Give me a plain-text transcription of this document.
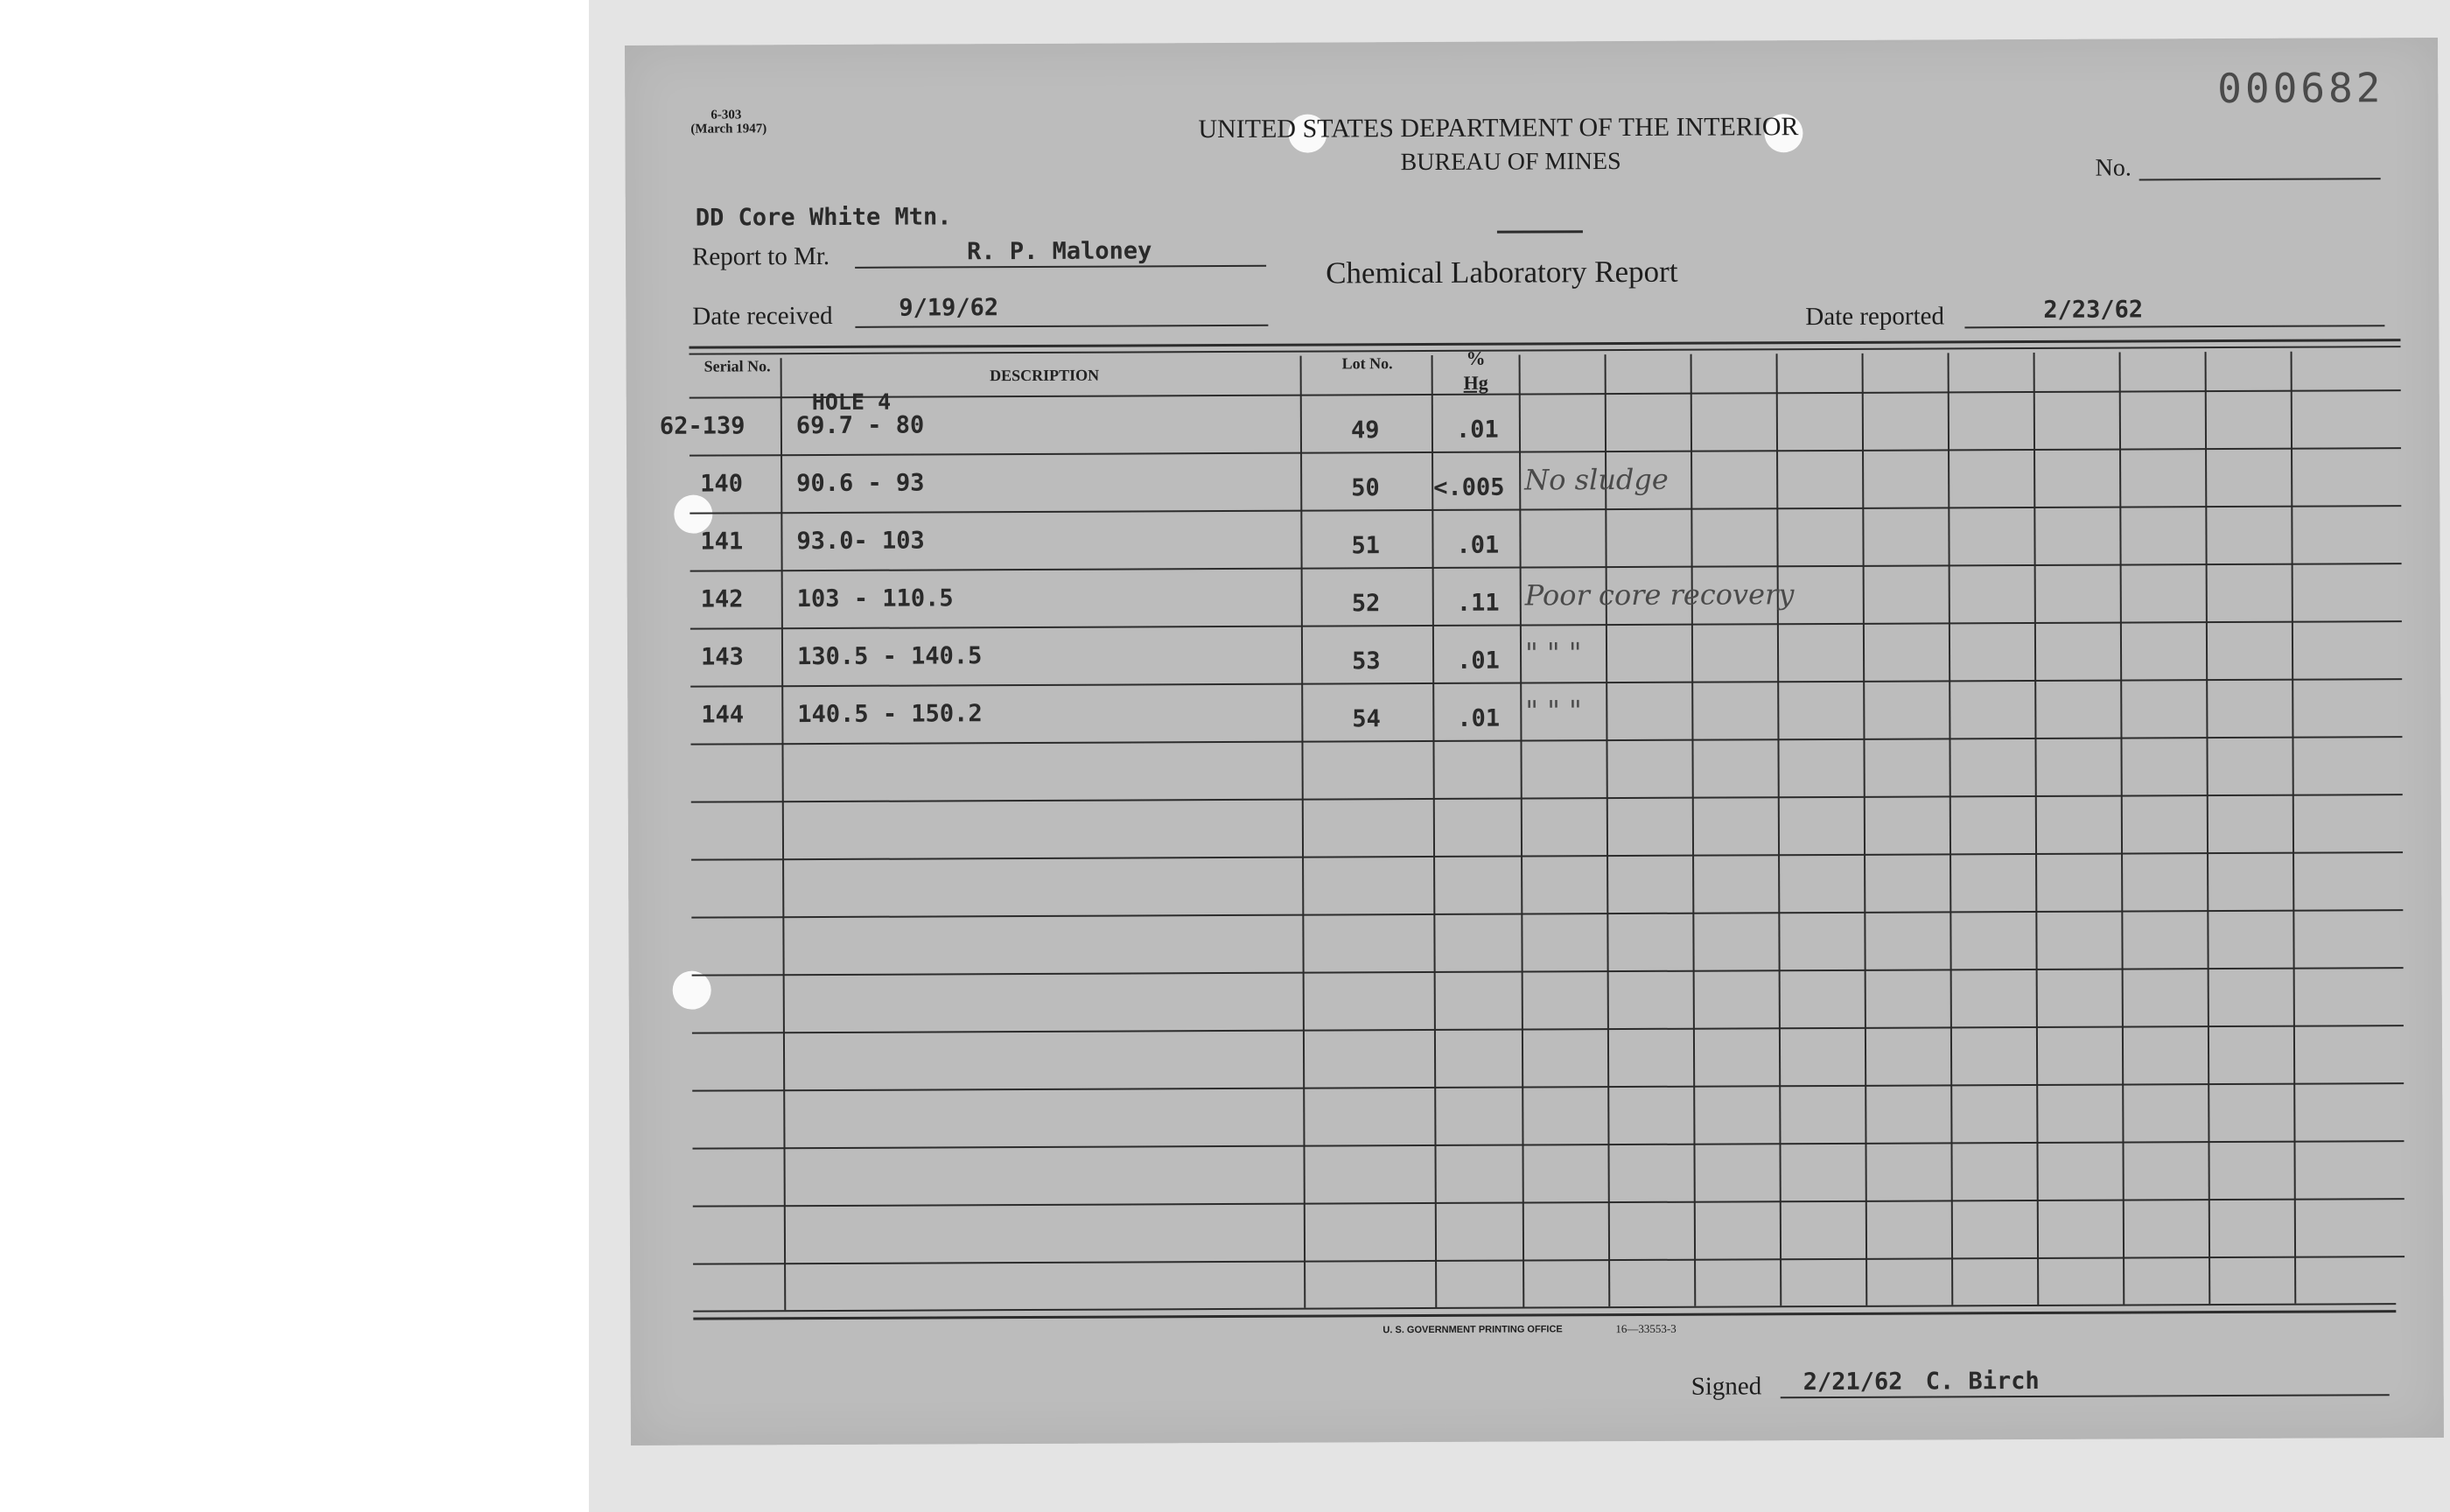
000682
6-303
(March 1947)	UNITED STATES DEPARTMENT OF THE INTERIOR
BUREAU OF MINES	No.
DD Core White Mtn.
Report to Mr.	R. P. Maloney
Chemical Laboratory Report
Date received	9/19/62	Date reported	2/23/62
Serial No.
DESCRIPTION
Lot No.	%
Hg
HOLE 4
62-139 69.7 - 80	49	.01
140 90.6 - 93	50 <.005 No sludge
141 93.0- 103	51	.01
142 103 - 110.5	52	.11 Poor core recovery
143 130.5 - 140.5	53	.01 " " "
144 140.5 - 150.2	54	.01 " " "
U. S. GOVERNMENT PRINTING OFFICE	16—33553-3
Signed 2/21/62 C. Birch
